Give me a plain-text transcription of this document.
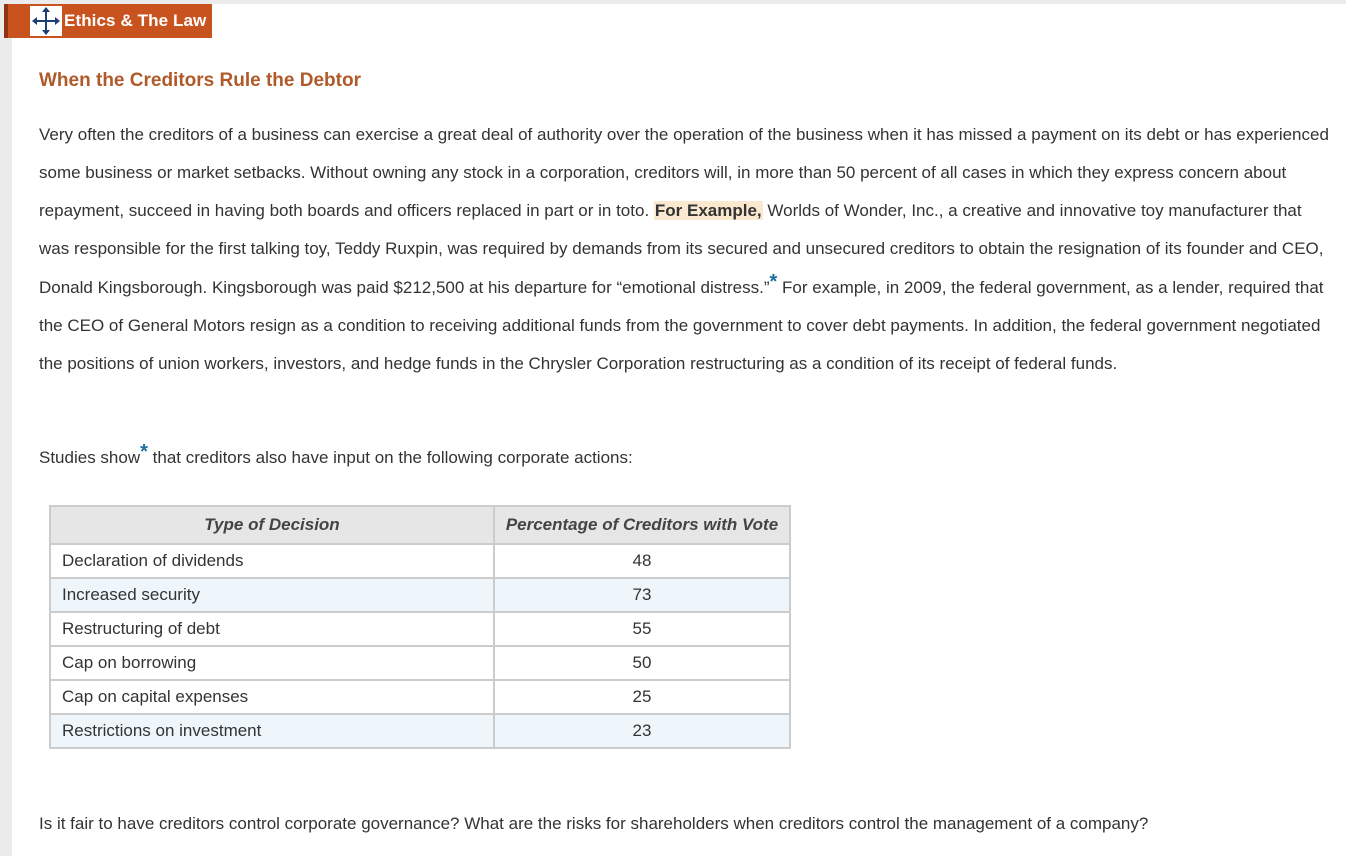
Ethics & The Law
When the Creditors Rule the Debtor

Very often the creditors of a business can exercise a great deal of authority over the operation of the business when it has missed a payment on its debt or has experienced some business or market setbacks. Without owning any stock in a corporation, creditors will, in more than 50 percent of all cases in which they express concern about repayment, succeed in having both boards and officers replaced in part or in toto. For Example, Worlds of Wonder, Inc., a creative and innovative toy manufacturer that was responsible for the first talking toy, Teddy Ruxpin, was required by demands from its secured and unsecured creditors to obtain the resignation of its founder and CEO, Donald Kingsborough. Kingsborough was paid $212,500 at his departure for “emotional distress.”* For example, in 2009, the federal government, as a lender, required that the CEO of General Motors resign as a condition to receiving additional funds from the government to cover debt payments. In addition, the federal government negotiated the positions of union workers, investors, and hedge funds in the Chrysler Corporation restructuring as a condition of its receipt of federal funds.

Studies show* that creditors also have input on the following corporate actions:

Type of Decision	Percentage of Creditors with Vote
Declaration of dividends	48
Increased security	73
Restructuring of debt	55
Cap on borrowing	50
Cap on capital expenses	25
Restrictions on investment	23

Is it fair to have creditors control corporate governance? What are the risks for shareholders when creditors control the management of a company?
